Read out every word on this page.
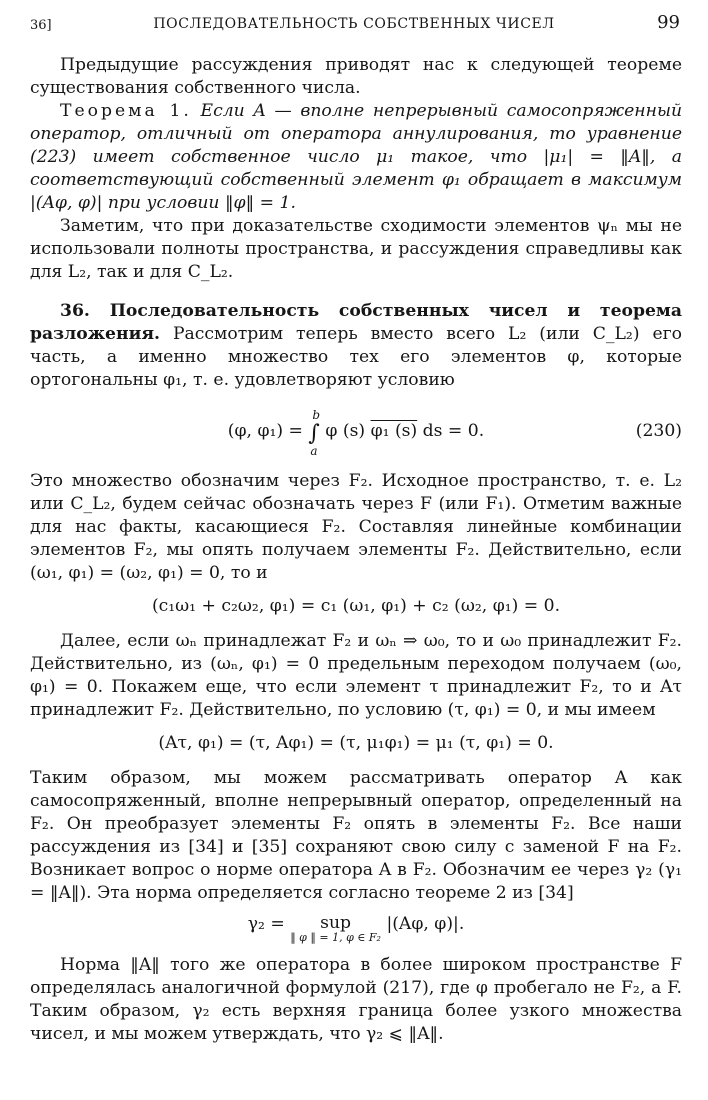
36]	ПОСЛЕДОВАТЕЛЬНОСТЬ СОБСТВЕННЫХ ЧИСЕЛ	99

Предыдущие рассуждения приводят нас к следующей теореме существования собственного числа.

Теорема 1. Если A — вполне непрерывный самосопряженный оператор, отличный от оператора аннулирования, то уравнение (223) имеет собственное число μ₁ такое, что |μ₁| = ‖A‖, а соответствующий собственный элемент φ₁ обращает в максимум |(Aφ, φ)| при условии ‖φ‖ = 1.

Заметим, что при доказательстве сходимости элементов ψₙ мы не использовали полноты пространства, и рассуждения справедливы как для L₂, так и для C_L₂.

36. Последовательность собственных чисел и теорема разложения. Рассмотрим теперь вместо всего L₂ (или C_L₂) его часть, а именно множество тех его элементов φ, которые ортогональны φ₁, т. е. удовлетворяют условию

(φ, φ₁) = ∫
b
a
φ (s) φ₁ (s) ds = 0.	(230)

Это множество обозначим через F₂. Исходное пространство, т. е. L₂ или C_L₂, будем сейчас обозначать через F (или F₁). Отметим важные для нас факты, касающиеся F₂. Составляя линейные комбинации элементов F₂, мы опять получаем элементы F₂. Действительно, если (ω₁, φ₁) = (ω₂, φ₁) = 0, то и

(c₁ω₁ + c₂ω₂, φ₁) = c₁ (ω₁, φ₁) + c₂ (ω₂, φ₁) = 0.

Далее, если ωₙ принадлежат F₂ и ωₙ ⇒ ω₀, то и ω₀ принадлежит F₂. Действительно, из (ωₙ, φ₁) = 0 предельным переходом получаем (ω₀, φ₁) = 0. Покажем еще, что если элемент τ принадлежит F₂, то и Aτ принадлежит F₂. Действительно, по условию (τ, φ₁) = 0, и мы имеем

(Aτ, φ₁) = (τ, Aφ₁) = (τ, μ₁φ₁) = μ₁ (τ, φ₁) = 0.

Таким образом, мы можем рассматривать оператор A как самосопряженный, вполне непрерывный оператор, определенный на F₂. Он преобразует элементы F₂ опять в элементы F₂. Все наши рассуждения из [34] и [35] сохраняют свою силу с заменой F на F₂. Возникает вопрос о норме оператора A в F₂. Обозначим ее через γ₂ (γ₁ = ‖A‖). Эта норма определяется согласно теореме 2 из [34]

γ₂ =	sup
‖ φ ‖ = 1, φ ∈ F₂
|(Aφ, φ)|.

Норма ‖A‖ того же оператора в более широком пространстве F определялась аналогичной формулой (217), где φ пробегало не F₂, а F. Таким образом, γ₂ есть верхняя граница более узкого множества чисел, и мы можем утверждать, что γ₂ ⩽ ‖A‖.
